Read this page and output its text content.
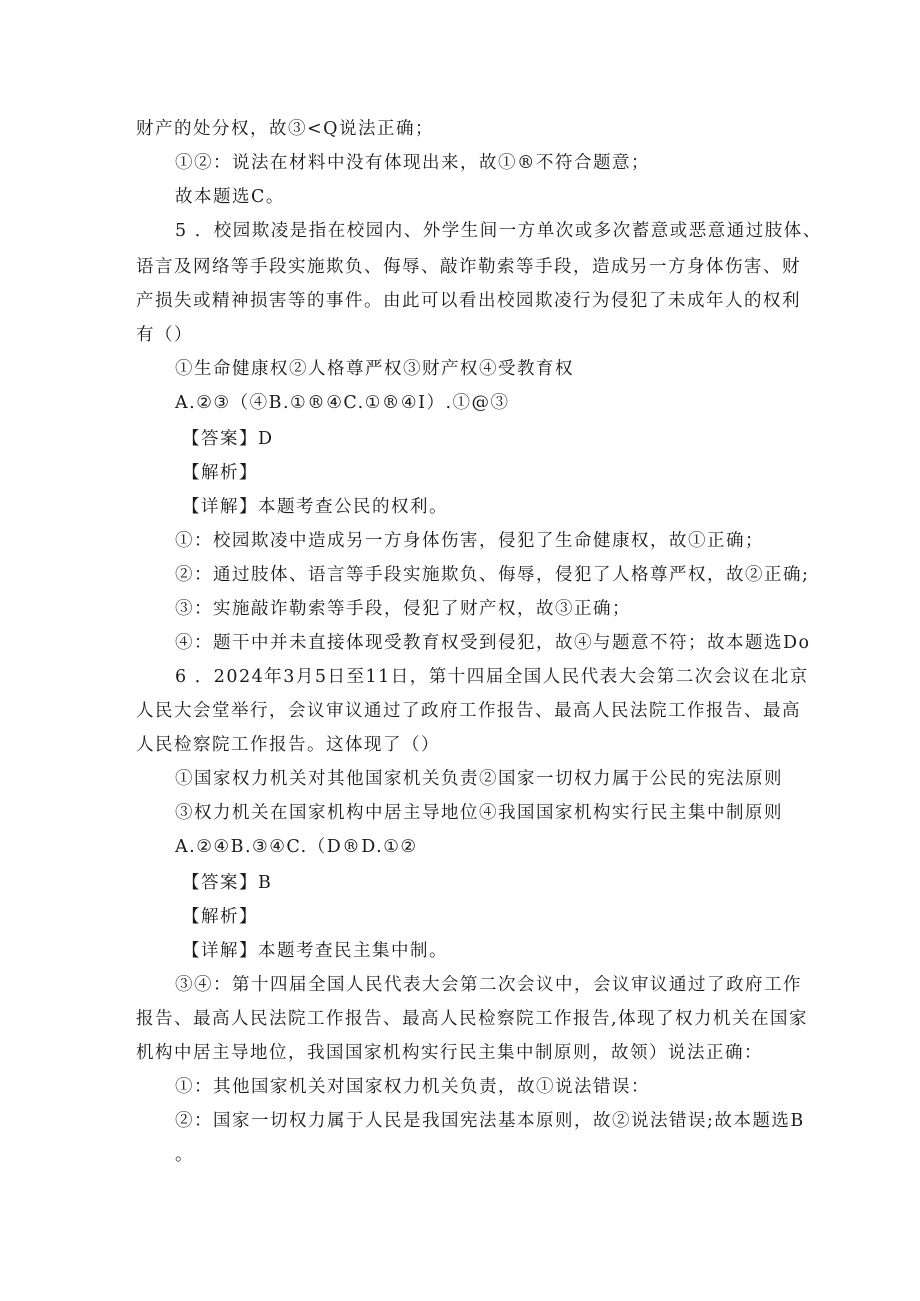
财产的处分权，故③<Q说法正确；
①②：说法在材料中没有体现出来，故①®不符合题意；
故本题选C。
5 ．校园欺凌是指在校园内、外学生间一方单次或多次蓄意或恶意通过肢体、
语言及网络等手段实施欺负、侮辱、敲诈勒索等手段，造成另一方身体伤害、财
产损失或精神损害等的事件。由此可以看出校园欺凌行为侵犯了未成年人的权利
有（）
①生命健康权②人格尊严权③财产权④受教育权
A.②③（④B.①®④C.①®④I）.①@③
【答案】D
【解析】
【详解】本题考查公民的权利。
①：校园欺凌中造成另一方身体伤害，侵犯了生命健康权，故①正确；
②：通过肢体、语言等手段实施欺负、侮辱，侵犯了人格尊严权，故②正确;
③：实施敲诈勒索等手段，侵犯了财产权，故③正确；
④：题干中并未直接体现受教育权受到侵犯，故④与题意不符；故本题选Do
6 ．2024年3月5日至11日，第十四届全国人民代表大会第二次会议在北京
人民大会堂举行，会议审议通过了政府工作报告、最高人民法院工作报告、最高
人民检察院工作报告。这体现了（）
①国家权力机关对其他国家机关负责②国家一切权力属于公民的宪法原则
③权力机关在国家机构中居主导地位④我国国家机构实行民主集中制原则
A.②④B.③④C.（D®D.①②
【答案】B
【解析】
【详解】本题考查民主集中制。
③④：第十四届全国人民代表大会第二次会议中，会议审议通过了政府工作
报告、最高人民法院工作报告、最高人民检察院工作报告,体现了权力机关在国家
机构中居主导地位，我国国家机构实行民主集中制原则，故领）说法正确：
①：其他国家机关对国家权力机关负责，故①说法错误：
②：国家一切权力属于人民是我国宪法基本原则，故②说法错误;故本题选B
。
